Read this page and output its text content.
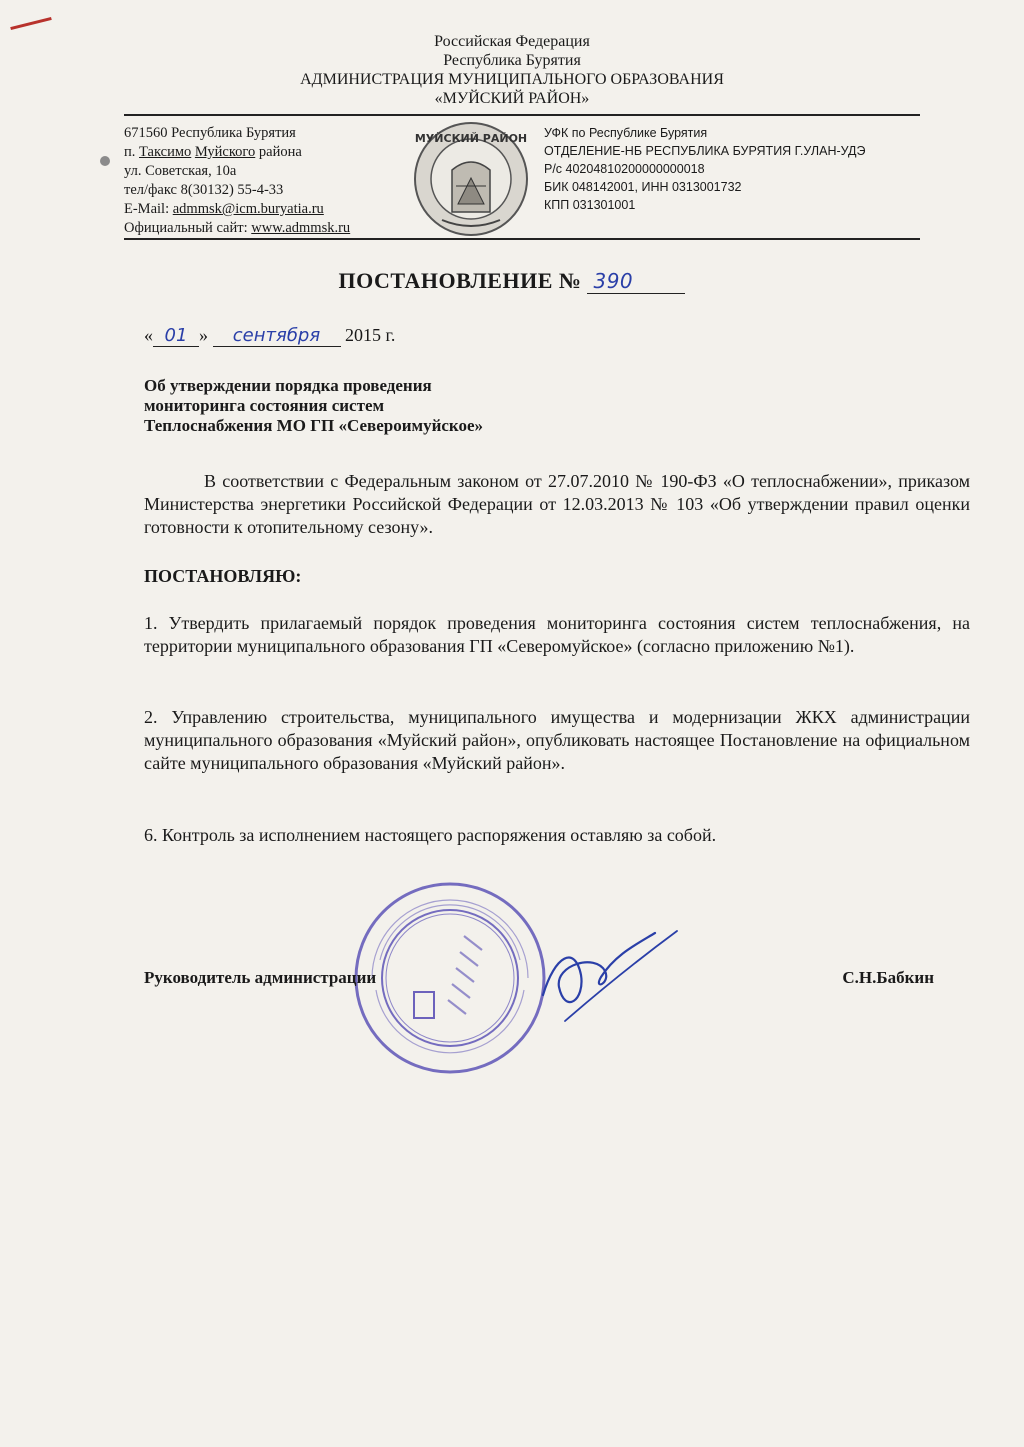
Российская Федерация
Республика Бурятия
АДМИНИСТРАЦИЯ МУНИЦИПАЛЬНОГО ОБРАЗОВАНИЯ
«МУЙСКИЙ РАЙОН»
671560 Республика Бурятия
п. Таксимо Муйского района
ул. Советская, 10а
тел/факс 8(30132) 55-4-33
E-Mail: admmsk@icm.buryatia.ru
Официальный сайт: www.admmsk.ru
МУЙСКИЙ РАЙОН УФК по Республике Бурятия
ОТДЕЛЕНИЕ-НБ РЕСПУБЛИКА БУРЯТИЯ Г.УЛАН-УДЭ
Р/с 40204810200000000018
БИК 048142001, ИНН 0313001732
КПП 031301001
ПОСТАНОВЛЕНИЕ № 390
« 01 » сентября 2015 г.
Об утверждении порядка проведения
мониторинга состояния систем
Теплоснабжения МО ГП «Североимуйское»
В соответствии с Федеральным законом от 27.07.2010 № 190-ФЗ «О теплоснабжении», приказом Министерства энергетики Российской Федерации от 12.03.2013 № 103 «Об утверждении правил оценки готовности к отопительному сезону».
ПОСТАНОВЛЯЮ:
1. Утвердить прилагаемый порядок проведения мониторинга состояния систем теплоснабжения, на территории муниципального образования ГП «Северомуйское» (согласно приложению №1).
2. Управлению строительства, муниципального имущества и модернизации ЖКХ администрации муниципального образования «Муйский район», опубликовать настоящее Постановление на официальном сайте муниципального образования «Муйский район».
6. Контроль за исполнением настоящего распоряжения оставляю за собой.
Руководитель администрации	С.Н.Бабкин
